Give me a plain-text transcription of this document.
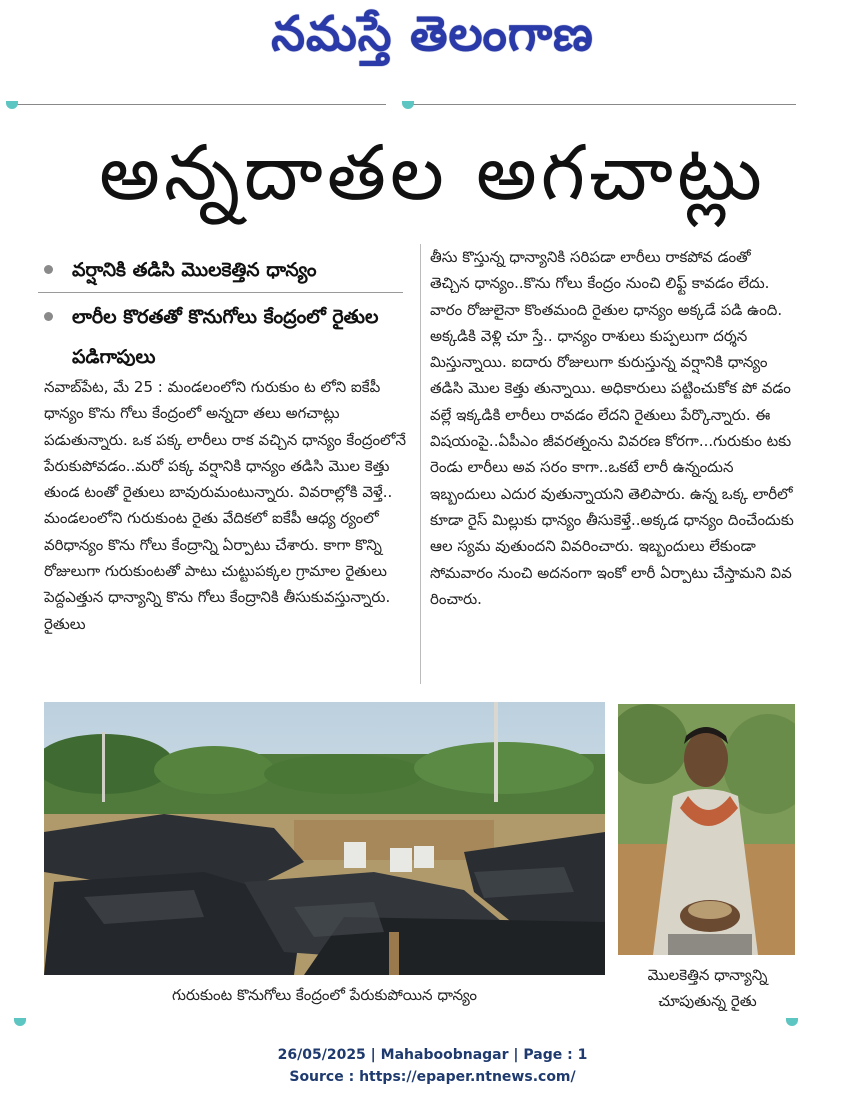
నమస్తే తెలంగాణ
అన్నదాతల అగచాట్లు
వర్షానికి తడిసి మొలకెత్తిన ధాన్యం
లారీల కొరతతో కొనుగోలు కేంద్రంలో రైతుల పడిగాపులు

నవాబ్‌పేట, మే 25 : మండలంలోని గురుకుం ట లోని ఐకేపీ ధాన్యం కొను గోలు కేంద్రంలో అన్నదా తలు అగచాట్లు పడుతున్నారు. ఒక పక్క లారీలు రాక వచ్చిన ధాన్యం కేంద్రంలోనే పేరుకుపోవడం..మరో పక్క వర్షానికి ధాన్యం తడిసి మొల కెత్తు తుండ టంతో రైతులు బావురుమంటున్నారు. వివరాల్లోకి వెళ్తే.. మండలంలోని గురుకుంట రైతు వేదికలో ఐకేపీ ఆధ్య ర్యంలో వరిధాన్యం కొను గోలు కేంద్రాన్ని ఏర్పాటు చేశారు. కాగా కొన్ని రోజులుగా గురుకుంటతో పాటు చుట్టుపక్కల గ్రామాల రైతులు పెద్దఎత్తున ధాన్యాన్ని కొను గోలు కేంద్రానికి తీసుకువస్తున్నారు. రైతులు

తీసు కొస్తున్న ధాన్యానికి సరిపడా లారీలు రాకపోవ డంతో తెచ్చిన ధాన్యం..కొను గోలు కేంద్రం నుంచి లిఫ్ట్ కావడం లేదు. వారం రోజులైనా కొంతమంది రైతుల ధాన్యం అక్కడే పడి ఉంది. అక్కడికి వెళ్లి చూ స్తే.. ధాన్యం రాశులు కుప్పలుగా దర్శన మిస్తున్నాయి. ఐదారు రోజులుగా కురుస్తున్న వర్షానికి ధాన్యం తడిసి మొల కెత్తు తున్నాయి. అధికారులు పట్టించుకోక పో వడం వల్లే ఇక్కడికి లారీలు రావడం లేదని రైతులు పేర్కొన్నారు. ఈ విషయంపై..ఏపీఎం జీవరత్నంను వివరణ కోరగా...గురుకుం టకు రెండు లారీలు అవ సరం కాగా..ఒకటే లారీ ఉన్నందున ఇబ్బందులు ఎదుర వుతున్నాయని తెలిపారు. ఉన్న ఒక్క లారీలో కూడా రైస్ మిల్లుకు ధాన్యం తీసుకెళ్తే..అక్కడ ధాన్యం దించేందుకు ఆల స్యమ వుతుందని వివరించారు. ఇబ్బందులు లేకుండా సోమవారం నుంచి అదనంగా ఇంకో లారీ ఏర్పాటు చేస్తామని వివ రించారు.

గురుకుంట కొనుగోలు కేంద్రంలో పేరుకుపోయిన ధాన్యం
మొలకెత్తిన ధాన్యాన్ని
చూపుతున్న రైతు
26/05/2025 | Mahaboobnagar | Page : 1
Source : https://epaper.ntnews.com/
